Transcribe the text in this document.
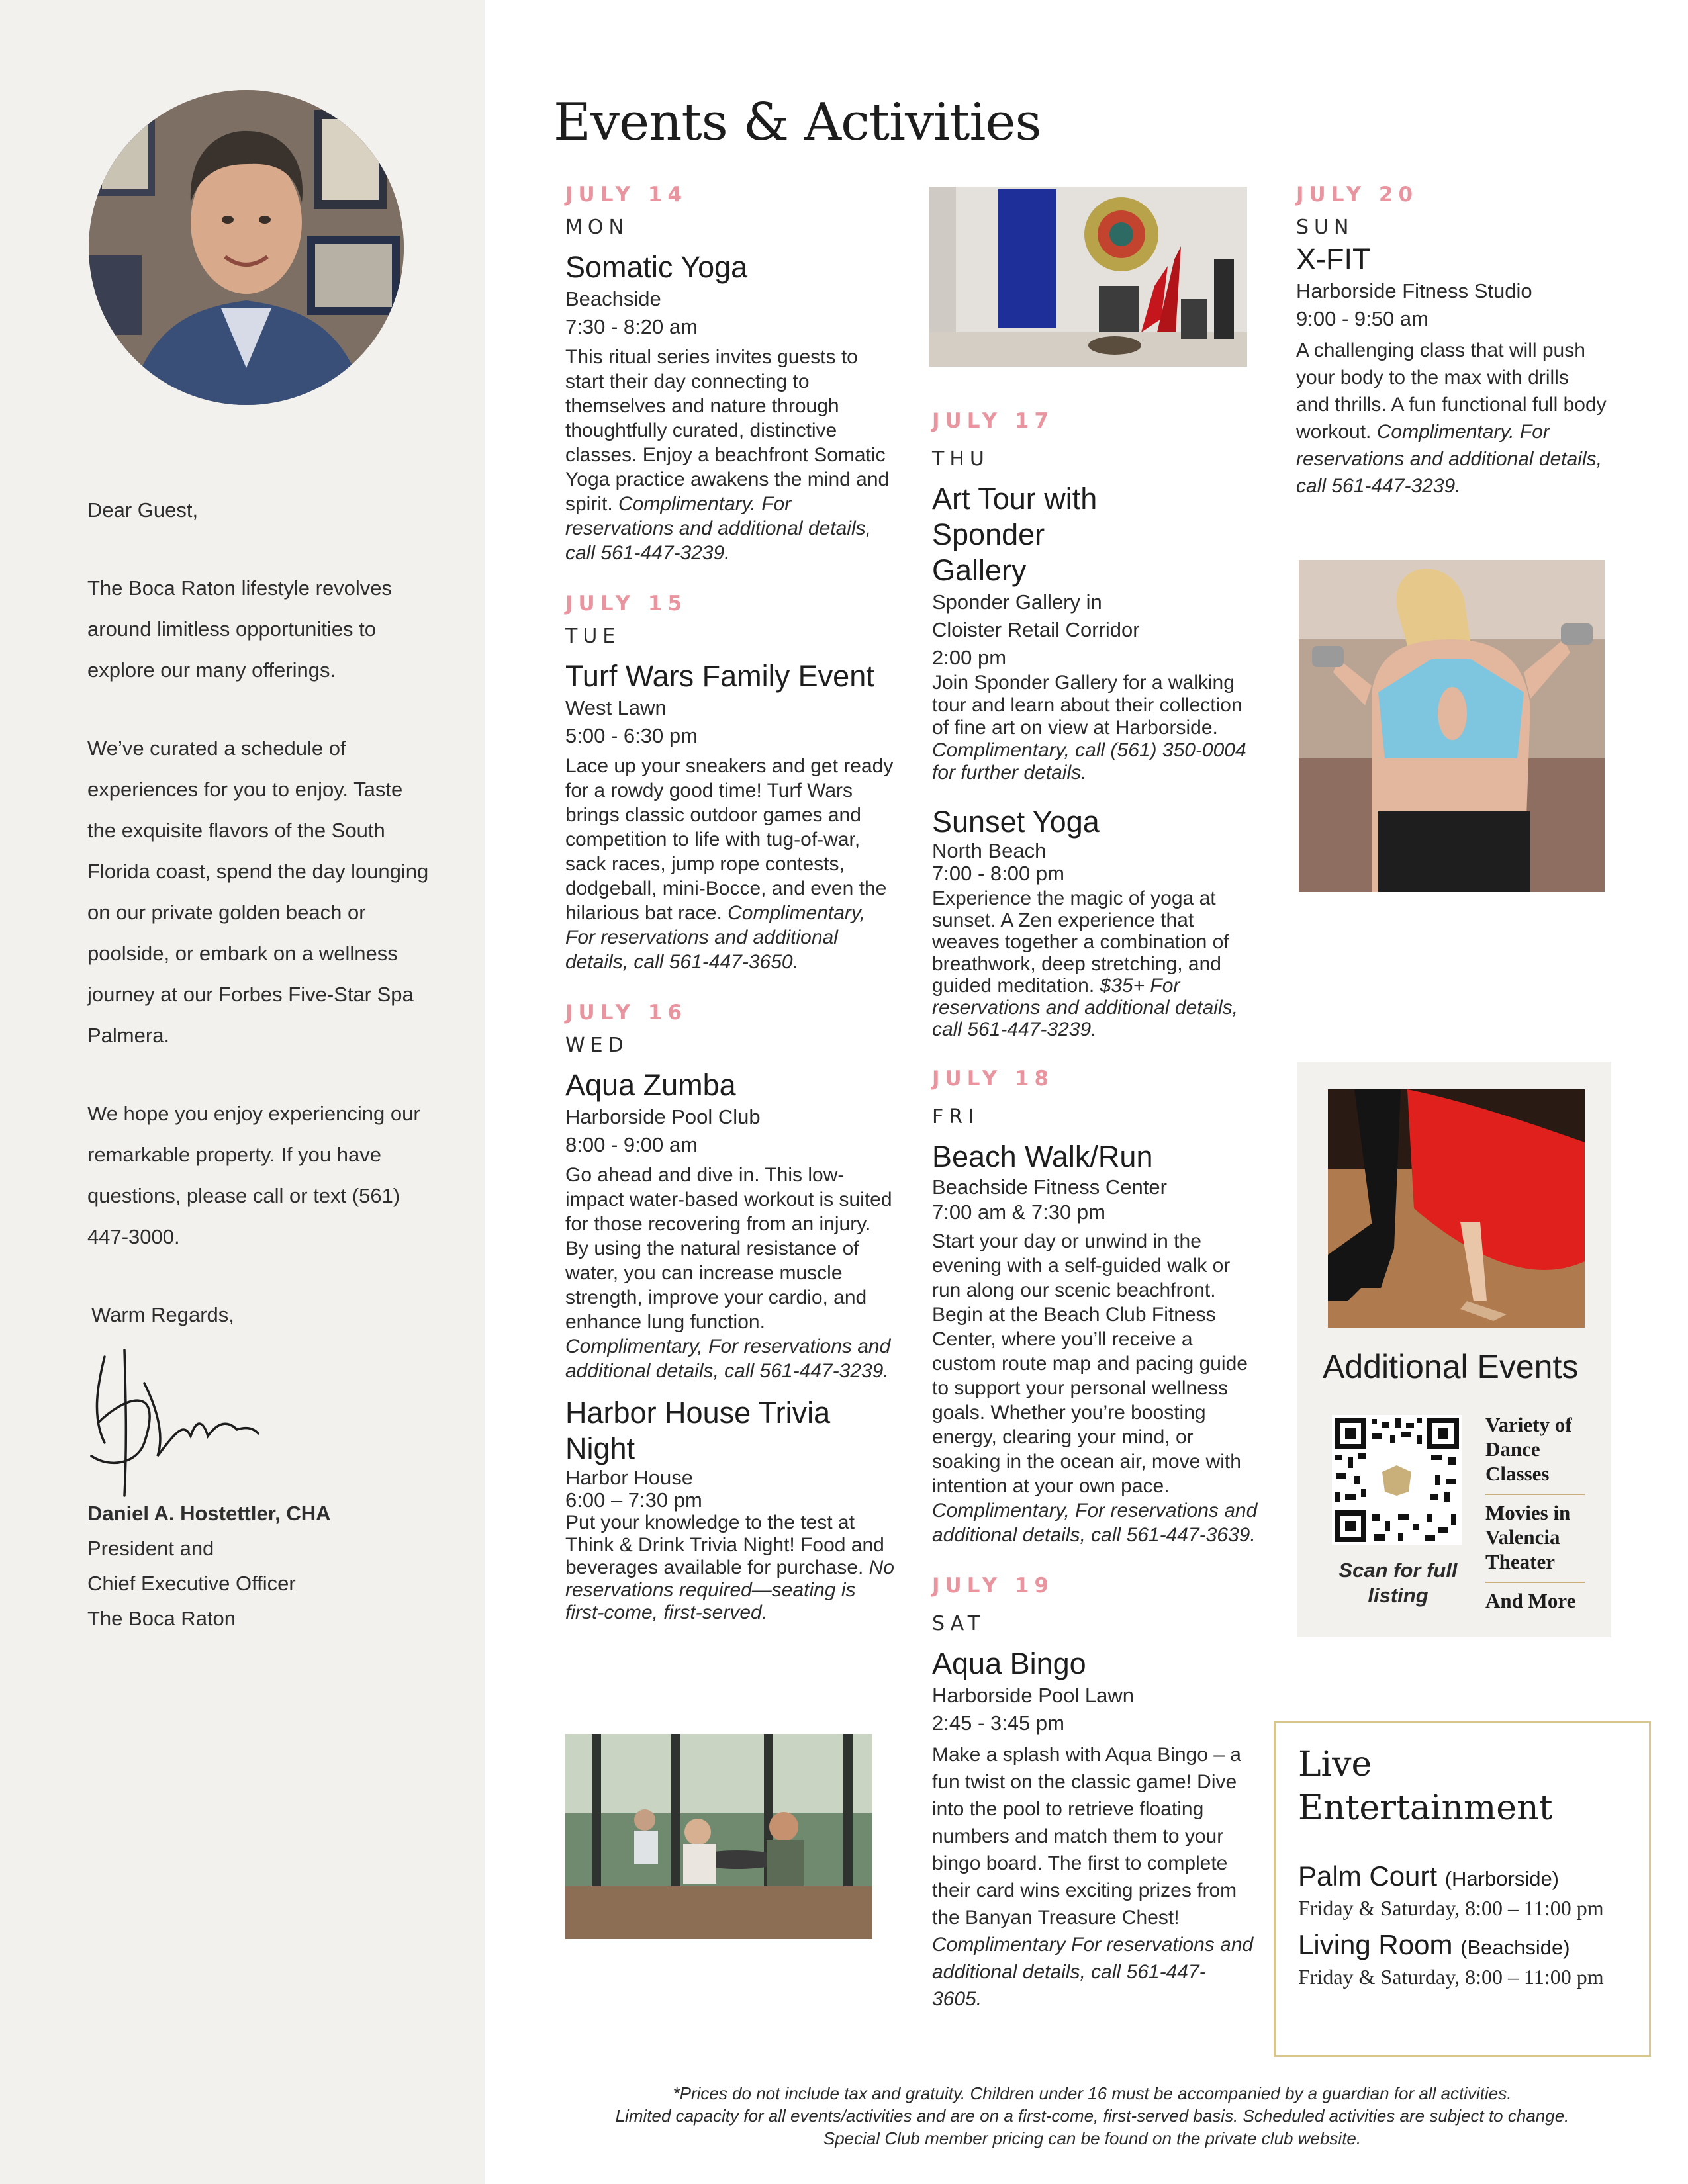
Dear Guest,

The Boca Raton lifestyle revolves around limitless opportunities to explore our many offerings.

We’ve curated a schedule of experiences for you to enjoy. Taste the exquisite flavors of the South Florida coast, spend the day lounging on our private golden beach or poolside, or embark on a wellness journey at our Forbes Five-Star Spa Palmera.

We hope you enjoy experiencing our remarkable property. If you have questions, please call or text (561) 447-3000.

Warm Regards,

Daniel A. Hostettler, CHA
President and
Chief Executive Officer
The Boca Raton
Events & Activities
JULY 14
MON
Somatic Yoga
Beachside
7:30 - 8:20 am
This ritual series invites guests to start their day connecting to themselves and nature through thoughtfully curated, distinctive classes. Enjoy a beachfront Somatic Yoga practice awakens the mind and spirit. Complimentary. For reservations and additional details, call 561-447-3239.
JULY 15
TUE
Turf Wars Family Event
West Lawn
5:00 - 6:30 pm
Lace up your sneakers and get ready for a rowdy good time! Turf Wars brings classic outdoor games and competition to life with tug-of-war, sack races, jump rope contests, dodgeball, mini-Bocce, and even the hilarious bat race. Complimentary, For reservations and additional details, call 561-447-3650.
JULY 16
WED
Aqua Zumba
Harborside Pool Club
8:00 - 9:00 am
Go ahead and dive in. This low-impact water-based workout is suited for those recovering from an injury. By using the natural resistance of water, you can increase muscle strength, improve your cardio, and enhance lung function. Complimentary, For reservations and additional details, call 561-447-3239.
Harbor House Trivia Night
Harbor House
6:00 – 7:30 pm
Put your knowledge to the test at Think & Drink Trivia Night! Food and beverages available for purchase. No reservations required—seating is first-come, first-served.
JULY 17
THU
Art Tour with Sponder Gallery
Sponder Gallery in Cloister Retail Corridor
2:00 pm
Join Sponder Gallery for a walking tour and learn about their collection of fine art on view at Harborside. Complimentary, call (561) 350-0004 for further details.
Sunset Yoga
North Beach
7:00 - 8:00 pm
Experience the magic of yoga at sunset. A Zen experience that weaves together a combination of breathwork, deep stretching, and guided meditation. $35+ For reservations and additional details, call 561-447-3239.
JULY 18
FRI
Beach Walk/Run
Beachside Fitness Center
7:00 am & 7:30 pm
Start your day or unwind in the evening with a self-guided walk or run along our scenic beachfront. Begin at the Beach Club Fitness Center, where you’ll receive a custom route map and pacing guide to support your personal wellness goals. Whether you’re boosting energy, clearing your mind, or soaking in the ocean air, move with intention at your own pace. Complimentary, For reservations and additional details, call 561-447-3639.
JULY 19
SAT
Aqua Bingo
Harborside Pool Lawn
2:45 - 3:45 pm
Make a splash with Aqua Bingo – a fun twist on the classic game! Dive into the pool to retrieve floating numbers and match them to your bingo board. The first to complete their card wins exciting prizes from the Banyan Treasure Chest! Complimentary For reservations and additional details, call 561-447-3605.
JULY 20
SUN
X-FIT
Harborside Fitness Studio
9:00 - 9:50 am
A challenging class that will push your body to the max with drills and thrills. A fun functional full body workout. Complimentary. For reservations and additional details, call 561-447-3239.
Additional Events
Scan for full listing
Variety of Dance Classes
Movies in Valencia Theater
And More
Live Entertainment
Palm Court (Harborside)
Friday & Saturday, 8:00 – 11:00 pm
Living Room (Beachside)
Friday & Saturday, 8:00 – 11:00 pm
*Prices do not include tax and gratuity. Children under 16 must be accompanied by a guardian for all activities.
Limited capacity for all events/activities and are on a first-come, first-served basis. Scheduled activities are subject to change.
Special Club member pricing can be found on the private club website.
